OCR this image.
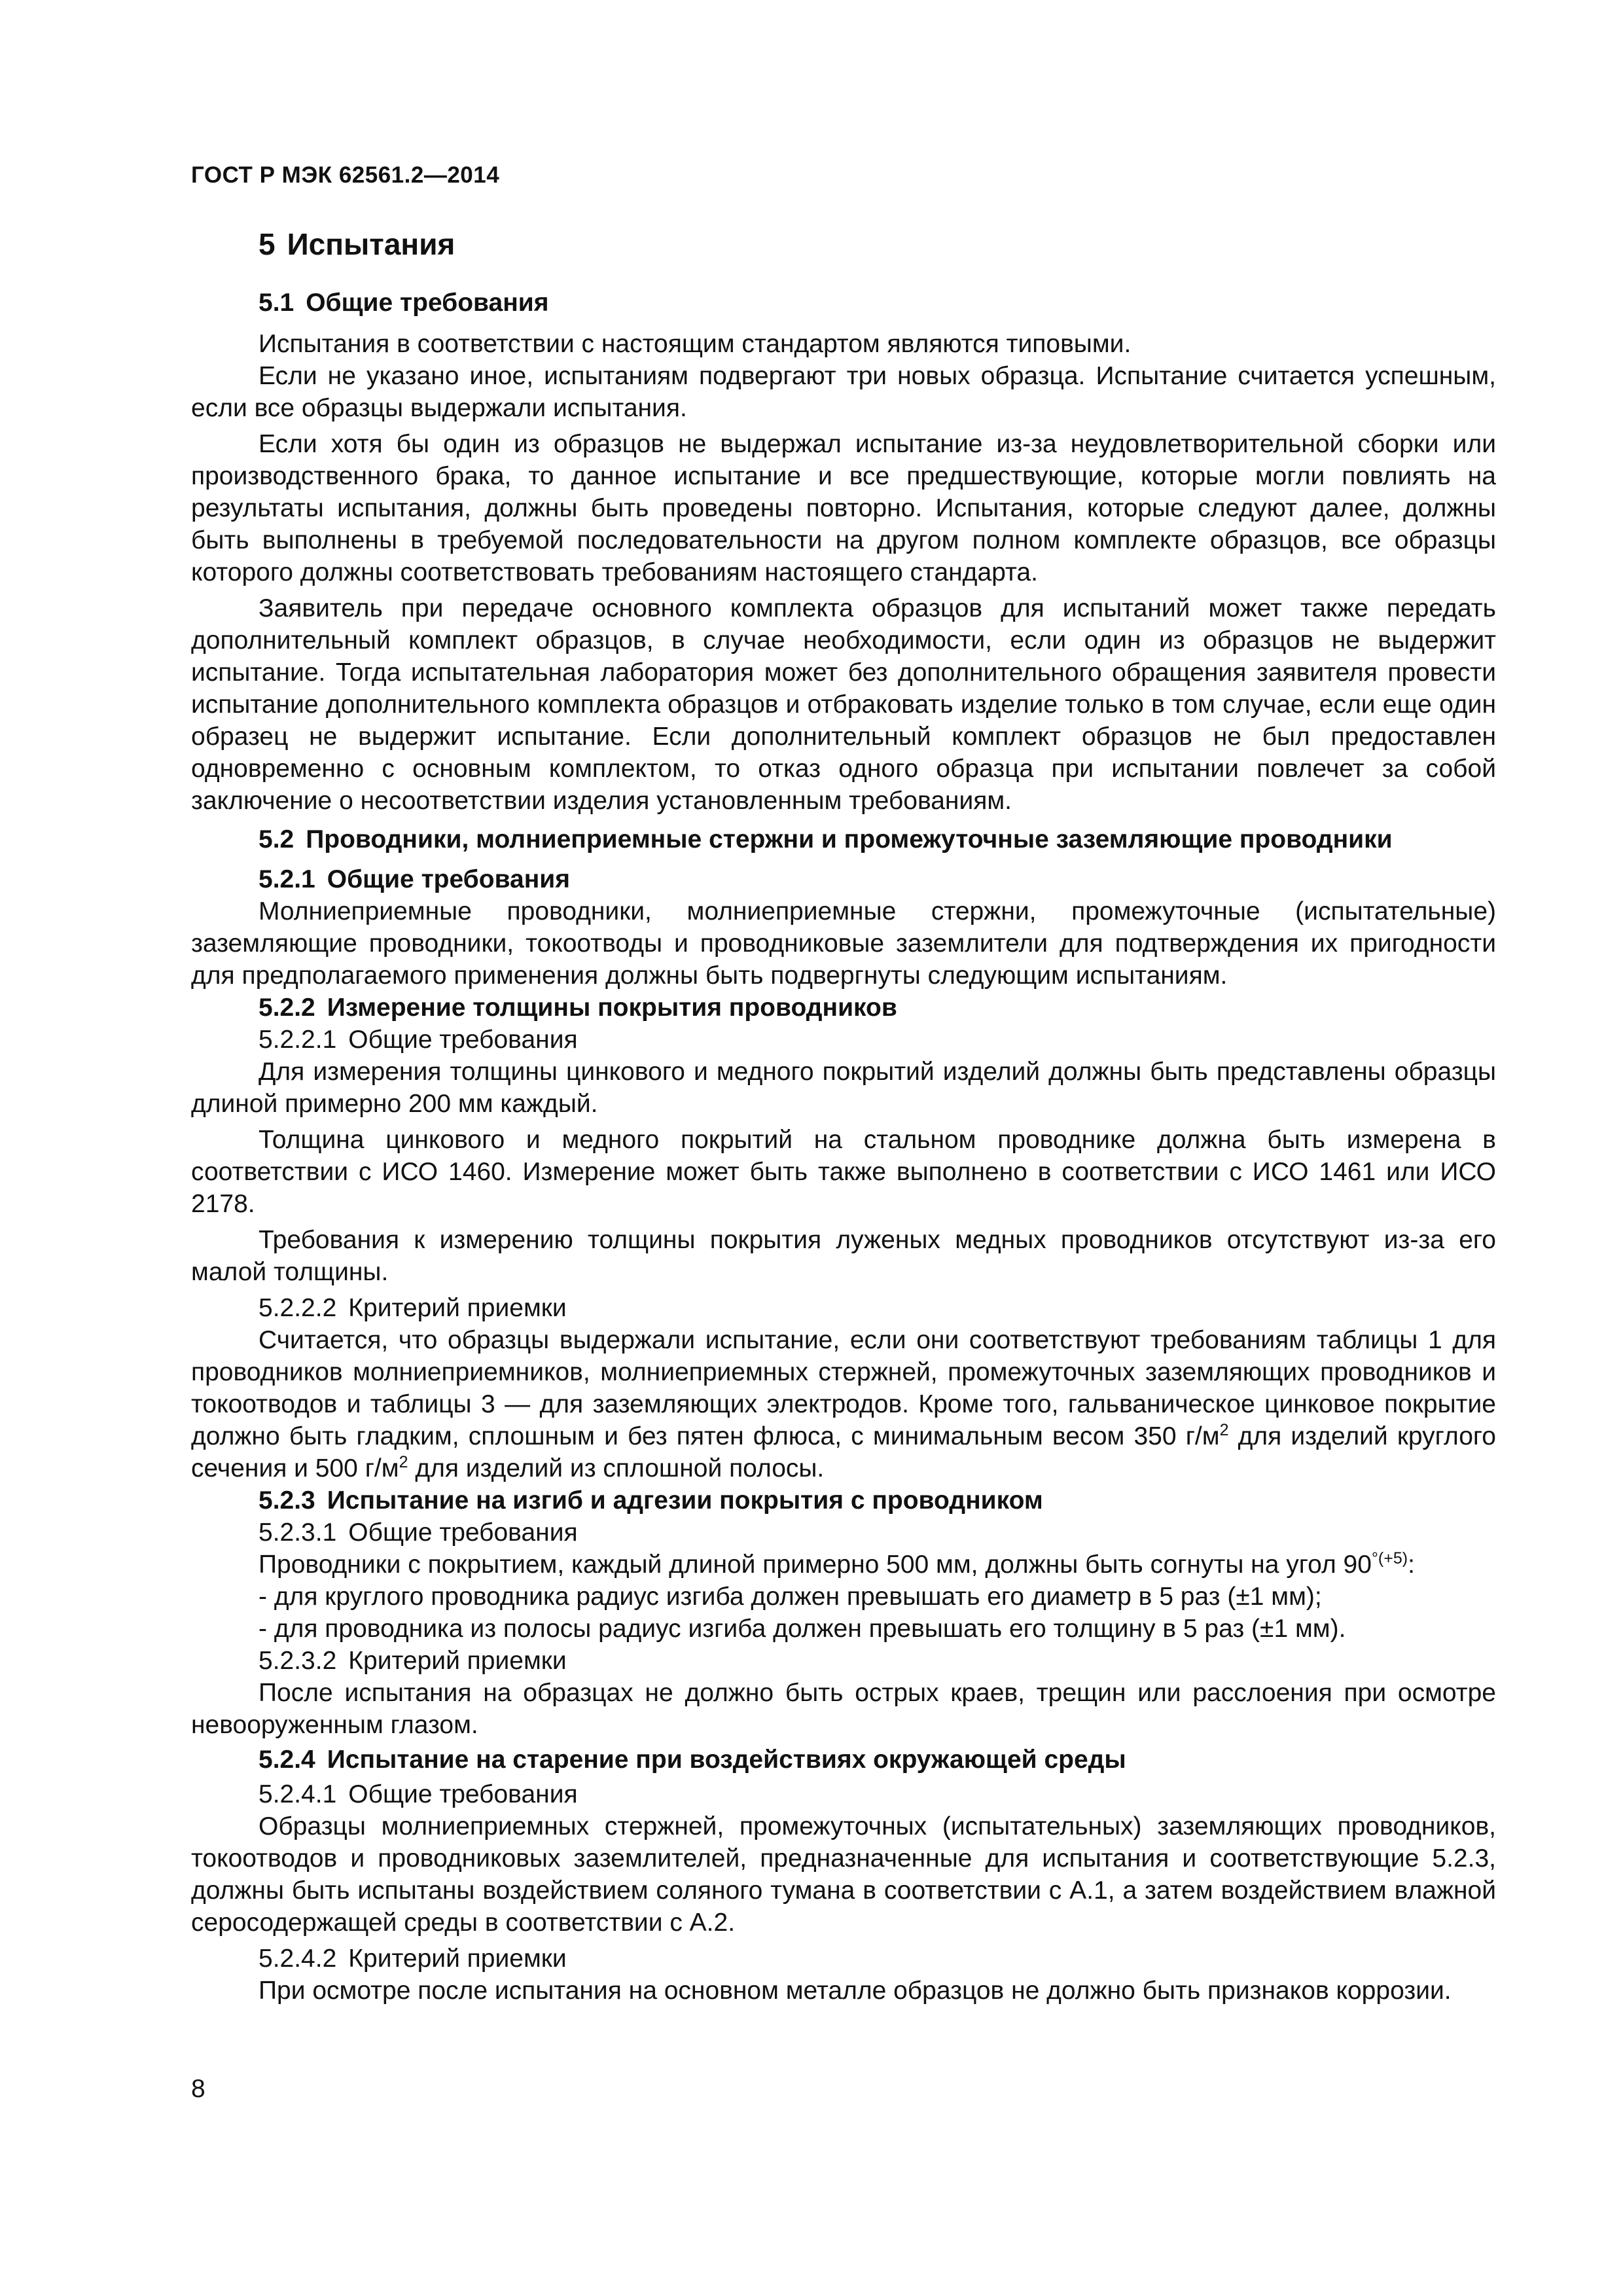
ГОСТ Р МЭК 62561.2—2014
5 Испытания
5.1 Общие требования

Испытания в соответствии с настоящим стандартом являются типовыми.

Если не указано иное, испытаниям подвергают три новых образца. Испытание считается успешным, если все образцы выдержали испытания.

Если хотя бы один из образцов не выдержал испытание из-за неудовлетворительной сборки или производственного брака, то данное испытание и все предшествующие, которые могли повлиять на результаты испытания, должны быть проведены повторно. Испытания, которые следуют далее, должны быть выполнены в требуемой последовательности на другом полном комплекте образцов, все образцы которого должны соответствовать требованиям настоящего стандарта.

Заявитель при передаче основного комплекта образцов для испытаний может также передать дополнительный комплект образцов, в случае необходимости, если один из образцов не выдержит испытание. Тогда испытательная лаборатория может без дополнительного обращения заявителя провести испытание дополнительного комплекта образцов и отбраковать изделие только в том случае, если еще один образец не выдержит испытание. Если дополнительный комплект образцов не был предоставлен одновременно с основным комплектом, то отказ одного образца при испытании повлечет за собой заключение о несоответствии изделия установленным требованиям.

5.2 Проводники, молниеприемные стержни и промежуточные заземляющие проводники
5.2.1 Общие требования

Молниеприемные проводники, молниеприемные стержни, промежуточные (испытательные) заземляющие проводники, токоотводы и проводниковые заземлители для подтверждения их пригодности для предполагаемого применения должны быть подвергнуты следующим испытаниям.

5.2.2 Измерение толщины покрытия проводников
5.2.2.1 Общие требования

Для измерения толщины цинкового и медного покрытий изделий должны быть представлены образцы длиной примерно 200 мм каждый.

Толщина цинкового и медного покрытий на стальном проводнике должна быть измерена в соответствии с ИСО 1460. Измерение может быть также выполнено в соответствии с ИСО 1461 или ИСО 2178.

Требования к измерению толщины покрытия луженых медных проводников отсутствуют из-за его малой толщины.

5.2.2.2 Критерий приемки

Считается, что образцы выдержали испытание, если они соответствуют требованиям таблицы 1 для проводников молниеприемников, молниеприемных стержней, промежуточных заземляющих проводников и токоотводов и таблицы 3 — для заземляющих электродов. Кроме того, гальваническое цинковое покрытие должно быть гладким, сплошным и без пятен флюса, с минимальным весом 350 $г/м^2$ для изделий круглого сечения и 500 $г/м^2$ для изделий из сплошной полосы.

5.2.3 Испытание на изгиб и адгезии покрытия с проводником
5.2.3.1 Общие требования

Проводники с покрытием, каждый длиной примерно 500 мм, должны быть согнуты на угол $90^{^\circ(+5)}$:

- для круглого проводника радиус изгиба должен превышать его диаметр в 5 раз (±1 мм);

- для проводника из полосы радиус изгиба должен превышать его толщину в 5 раз (±1 мм).

5.2.3.2 Критерий приемки

После испытания на образцах не должно быть острых краев, трещин или расслоения при осмотре невооруженным глазом.

5.2.4 Испытание на старение при воздействиях окружающей среды
5.2.4.1 Общие требования

Образцы молниеприемных стержней, промежуточных (испытательных) заземляющих проводников, токоотводов и проводниковых заземлителей, предназначенные для испытания и соответствующие 5.2.3, должны быть испытаны воздействием соляного тумана в соответствии с А.1, а затем воздействием влажной серосодержащей среды в соответствии с А.2.

5.2.4.2 Критерий приемки

При осмотре после испытания на основном металле образцов не должно быть признаков коррозии.

8
